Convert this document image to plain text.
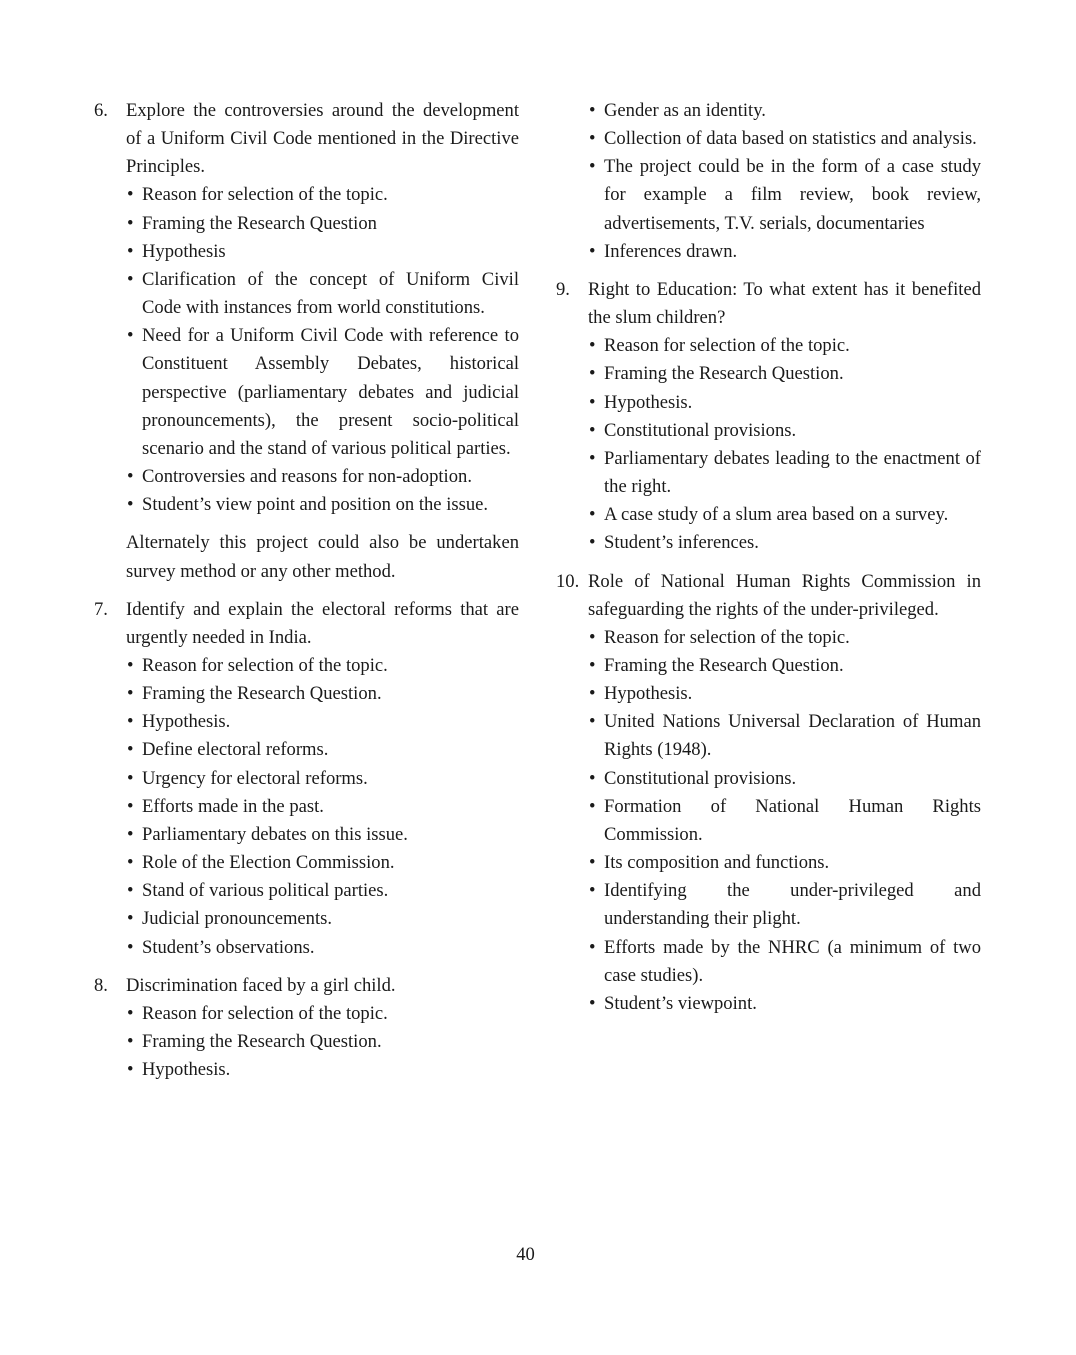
6. Explore the controversies around the development of a Uniform Civil Code mentioned in the Directive Principles.
• Reason for selection of the topic.
• Framing the Research Question
• Hypothesis
• Clarification of the concept of Uniform Civil Code with instances from world constitutions.
• Need for a Uniform Civil Code with reference to Constituent Assembly Debates, historical perspective (parliamentary debates and judicial pronouncements), the present socio-political scenario and the stand of various political parties.
• Controversies and reasons for non-adoption.
• Student’s view point and position on the issue.
Alternately this project could also be undertaken survey method or any other method.
7. Identify and explain the electoral reforms that are urgently needed in India.
• Reason for selection of the topic.
• Framing the Research Question.
• Hypothesis.
• Define electoral reforms.
• Urgency for electoral reforms.
• Efforts made in the past.
• Parliamentary debates on this issue.
• Role of the Election Commission.
• Stand of various political parties.
• Judicial pronouncements.
• Student’s observations.
8. Discrimination faced by a girl child.
• Reason for selection of the topic.
• Framing the Research Question.
• Hypothesis.
• Gender as an identity.
• Collection of data based on statistics and analysis.
• The project could be in the form of a case study for example a film review, book review, advertisements, T.V. serials, documentaries
• Inferences drawn.
9. Right to Education: To what extent has it benefited the slum children?
• Reason for selection of the topic.
• Framing the Research Question.
• Hypothesis.
• Constitutional provisions.
• Parliamentary debates leading to the enactment of the right.
• A case study of a slum area based on a survey.
• Student’s inferences.
10. Role of National Human Rights Commission in safeguarding the rights of the under-privileged.
• Reason for selection of the topic.
• Framing the Research Question.
• Hypothesis.
• United Nations Universal Declaration of Human Rights (1948).
• Constitutional provisions.
• Formation of National Human Rights Commission.
• Its composition and functions.
• Identifying the under-privileged and understanding their plight.
• Efforts made by the NHRC (a minimum of two case studies).
• Student’s viewpoint.
40
